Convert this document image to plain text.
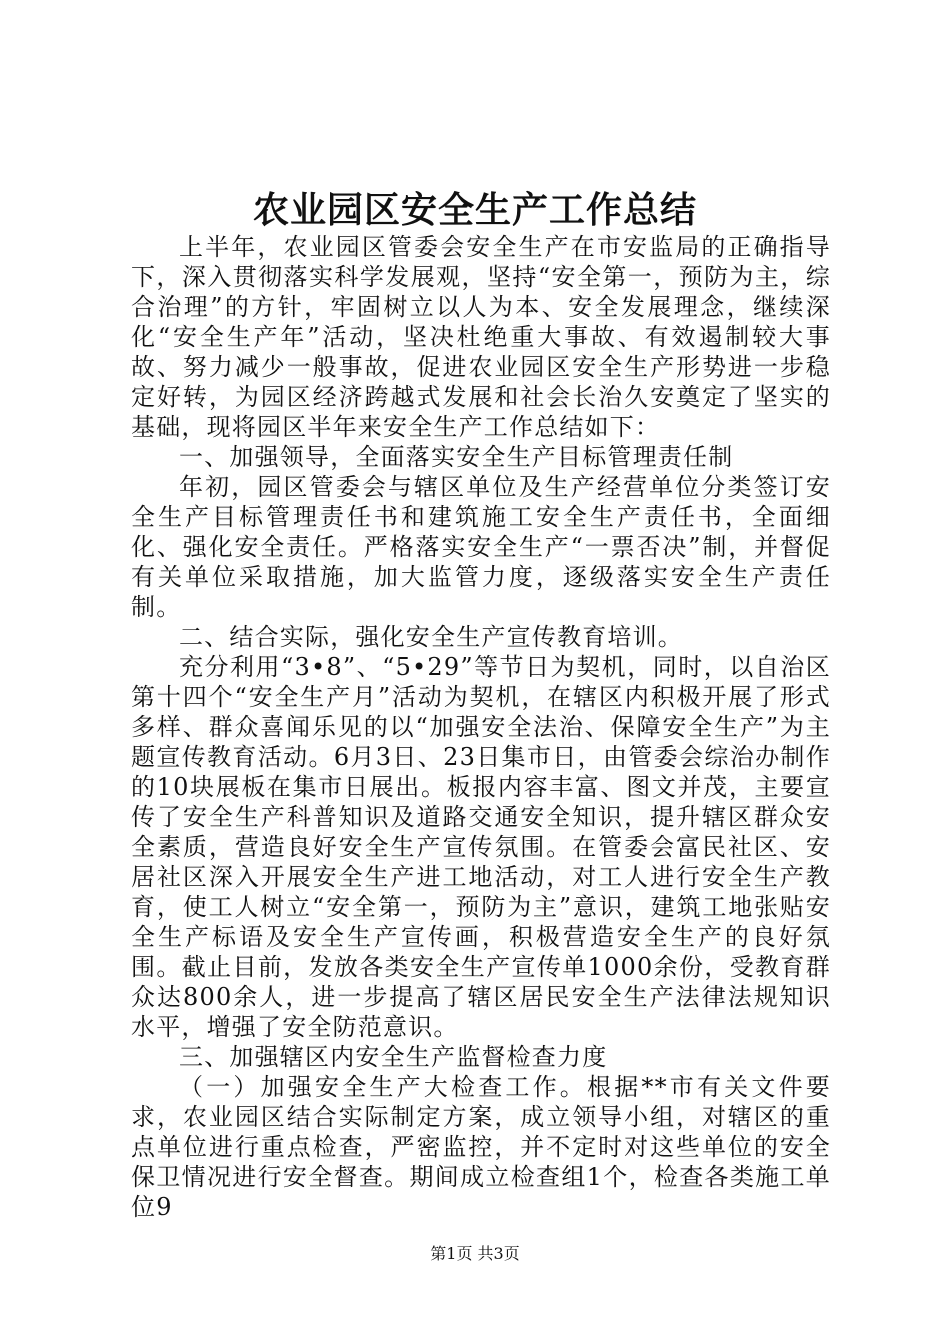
农业园区安全生产工作总结

上半年，农业园区管委会安全生产在市安监局的正确指导下，深入贯彻落实科学发展观，坚持“安全第一，预防为主，综合治理”的方针，牢固树立以人为本、安全发展理念，继续深化“安全生产年”活动，坚决杜绝重大事故、有效遏制较大事故、努力减少一般事故，促进农业园区安全生产形势进一步稳定好转，为园区经济跨越式发展和社会长治久安奠定了坚实的基础，现将园区半年来安全生产工作总结如下：

一、加强领导，全面落实安全生产目标管理责任制

年初，园区管委会与辖区单位及生产经营单位分类签订安全生产目标管理责任书和建筑施工安全生产责任书，全面细化、强化安全责任。严格落实安全生产“一票否决”制，并督促有关单位采取措施，加大监管力度，逐级落实安全生产责任制。

二、结合实际，强化安全生产宣传教育培训。

充分利用“3•8”、“5•29”等节日为契机，同时，以自治区第十四个“安全生产月”活动为契机，在辖区内积极开展了形式多样、群众喜闻乐见的以“加强安全法治、保障安全生产”为主题宣传教育活动。6月3日、23日集市日，由管委会综治办制作的10块展板在集市日展出。板报内容丰富、图文并茂，主要宣传了安全生产科普知识及道路交通安全知识，提升辖区群众安全素质，营造良好安全生产宣传氛围。在管委会富民社区、安居社区深入开展安全生产进工地活动，对工人进行安全生产教育，使工人树立“安全第一，预防为主”意识，建筑工地张贴安全生产标语及安全生产宣传画，积极营造安全生产的良好氛围。截止目前，发放各类安全生产宣传单1000余份，受教育群众达800余人，进一步提高了辖区居民安全生产法律法规知识水平，增强了安全防范意识。

三、加强辖区内安全生产监督检查力度

（一）加强安全生产大检查工作。根据**市有关文件要求，农业园区结合实际制定方案，成立领导小组，对辖区的重点单位进行重点检查，严密监控，并不定时对这些单位的安全保卫情况进行安全督查。期间成立检查组1个，检查各类施工单位9

第1页 共3页
